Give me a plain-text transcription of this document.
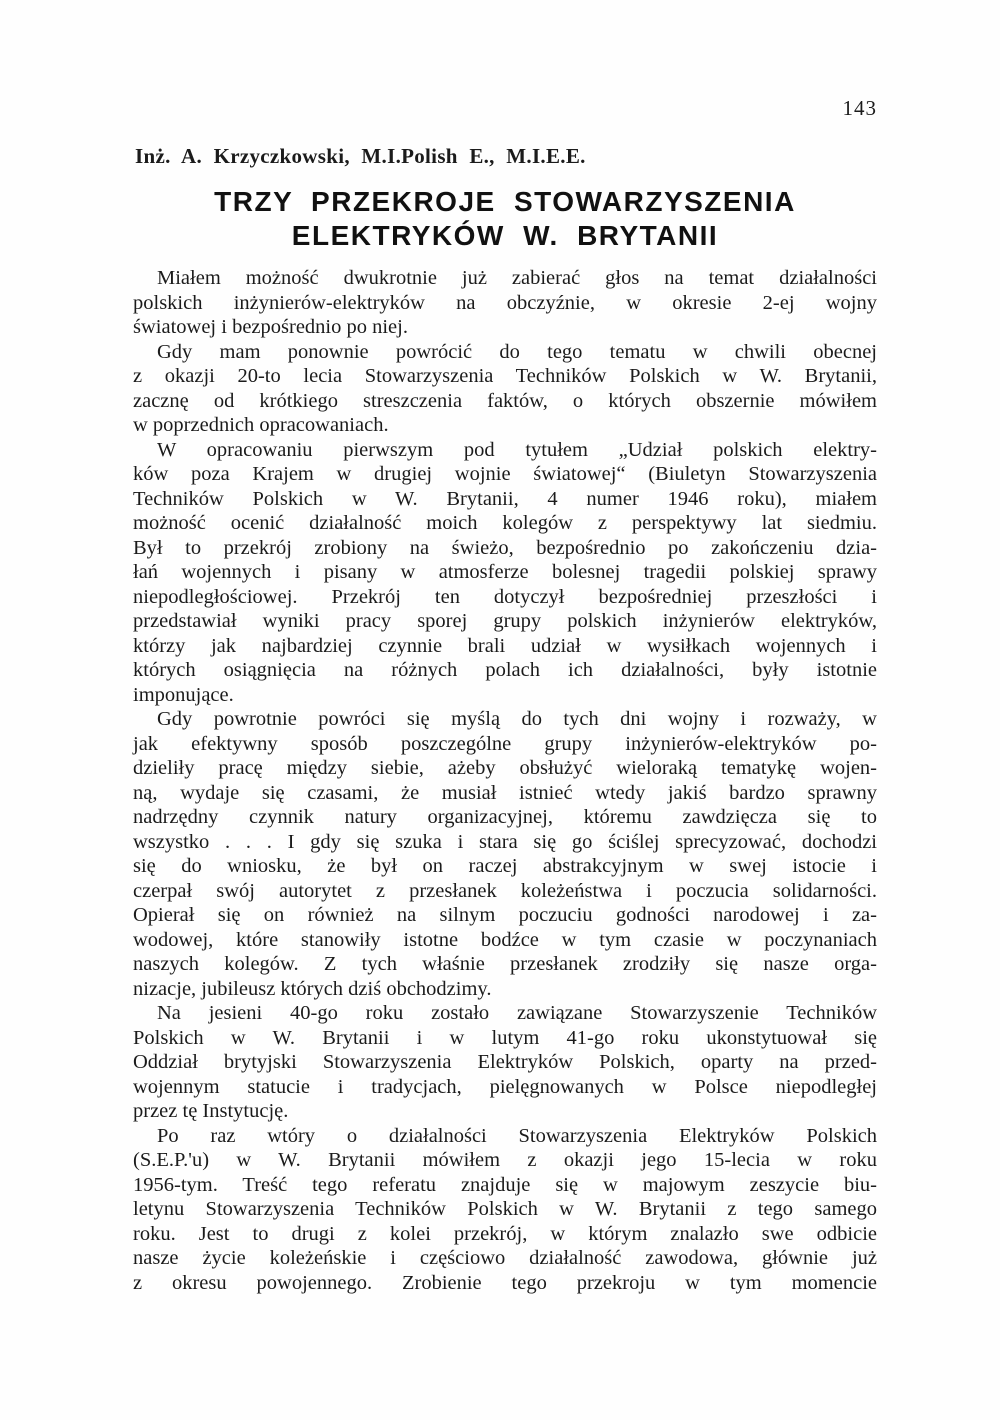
143
Inż. A. Krzyczkowski, M.I.Polish E., M.I.E.E.
TRZY PRZEKROJE STOWARZYSZENIA
ELEKTRYKÓW W. BRYTANII
Miałem możność dwukrotnie już zabierać głos na temat działalności
polskich inżynierów-elektryków na obczyźnie, w okresie 2-ej wojny
światowej i bezpośrednio po niej.
Gdy mam ponownie powrócić do tego tematu w chwili obecnej
z okazji 20-to lecia Stowarzyszenia Techników Polskich w W. Brytanii,
zacznę od krótkiego streszczenia faktów, o których obszernie mówiłem
w poprzednich opracowaniach.
W opracowaniu pierwszym pod tytułem „Udział polskich elektry-
ków poza Krajem w drugiej wojnie światowej“ (Biuletyn Stowarzyszenia
Techników Polskich w W. Brytanii, 4 numer 1946 roku), miałem
możność ocenić działalność moich kolegów z perspektywy lat siedmiu.
Był to przekrój zrobiony na świeżo, bezpośrednio po zakończeniu dzia-
łań wojennych i pisany w atmosferze bolesnej tragedii polskiej sprawy
niepodległościowej. Przekrój ten dotyczył bezpośredniej przeszłości i
przedstawiał wyniki pracy sporej grupy polskich inżynierów elektryków,
którzy jak najbardziej czynnie brali udział w wysiłkach wojennych i
których osiągnięcia na różnych polach ich działalności, były istotnie
imponujące.
Gdy powrotnie powróci się myślą do tych dni wojny i rozważy, w
jak efektywny sposób poszczególne grupy inżynierów-elektryków po-
dzieliły pracę między siebie, ażeby obsłużyć wieloraką tematykę wojen-
ną, wydaje się czasami, że musiał istnieć wtedy jakiś bardzo sprawny
nadrzędny czynnik natury organizacyjnej, któremu zawdzięcza się to
wszystko . . . I gdy się szuka i stara się go ściślej sprecyzować, dochodzi
się do wniosku, że był on raczej abstrakcyjnym w swej istocie i
czerpał swój autorytet z przesłanek koleżeństwa i poczucia solidarności.
Opierał się on również na silnym poczuciu godności narodowej i za-
wodowej, które stanowiły istotne bodźce w tym czasie w poczynaniach
naszych kolegów. Z tych właśnie przesłanek zrodziły się nasze orga-
nizacje, jubileusz których dziś obchodzimy.
Na jesieni 40-go roku zostało zawiązane Stowarzyszenie Techników
Polskich w W. Brytanii i w lutym 41-go roku ukonstytuował się
Oddział brytyjski Stowarzyszenia Elektryków Polskich, oparty na przed-
wojennym statucie i tradycjach, pielęgnowanych w Polsce niepodległej
przez tę Instytucję.
Po raz wtóry o działalności Stowarzyszenia Elektryków Polskich
(S.E.P.'u) w W. Brytanii mówiłem z okazji jego 15-lecia w roku
1956-tym. Treść tego referatu znajduje się w majowym zeszycie biu-
letynu Stowarzyszenia Techników Polskich w W. Brytanii z tego samego
roku. Jest to drugi z kolei przekrój, w którym znalazło swe odbicie
nasze życie koleżeńskie i częściowo działalność zawodowa, głównie już
z okresu powojennego. Zrobienie tego przekroju w tym momencie
